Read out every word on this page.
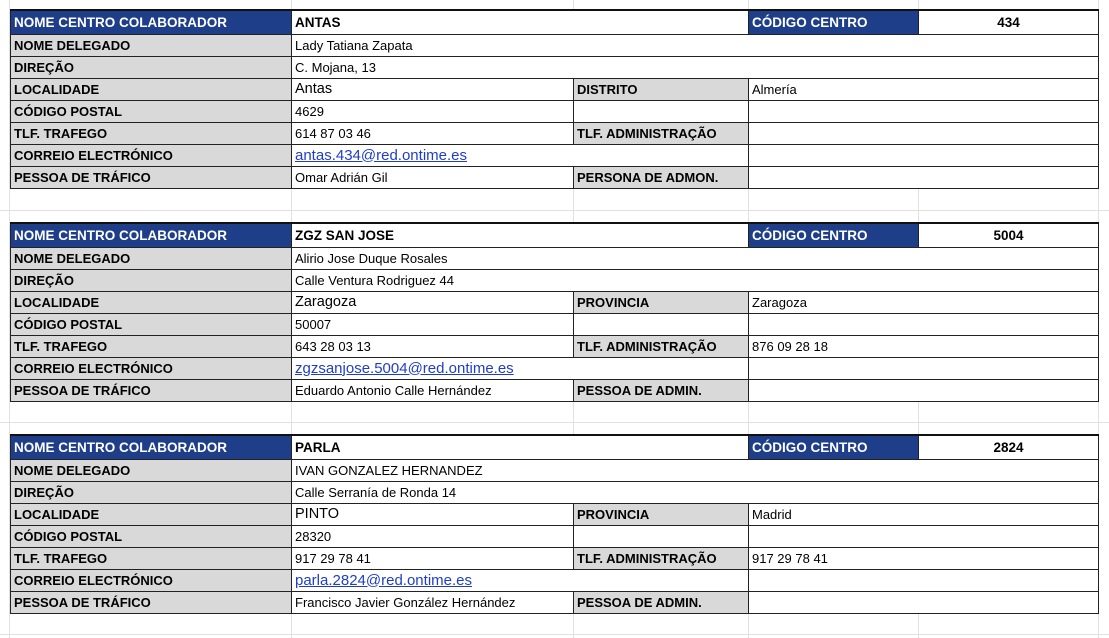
NOME CENTRO COLABORADOR	ANTAS		CÓDIGO CENTRO	434
NOME DELEGADO	Lady Tatiana Zapata			
DIREÇÃO	C. Mojana, 13			
LOCALIDADE	Antas	DISTRITO	Almería	
CÓDIGO POSTAL	4629			
TLF. TRAFEGO	614 87 03 46	TLF. ADMINISTRAÇÃO		
CORREIO ELECTRÓNICO	antas.434@red.ontime.es			
PESSOA DE TRÁFICO	Omar Adrián Gil	PERSONA DE ADMON.		
NOME CENTRO COLABORADOR	ZGZ SAN JOSE		CÓDIGO CENTRO	5004
NOME DELEGADO	Alirio Jose Duque Rosales			
DIREÇÃO	Calle Ventura Rodriguez 44			
LOCALIDADE	Zaragoza	PROVINCIA	Zaragoza	
CÓDIGO POSTAL	50007			
TLF. TRAFEGO	643 28 03 13	TLF. ADMINISTRAÇÃO	876 09 28 18	
CORREIO ELECTRÓNICO	zgzsanjose.5004@red.ontime.es			
PESSOA DE TRÁFICO	Eduardo Antonio Calle Hernández	PESSOA DE ADMIN.		
NOME CENTRO COLABORADOR	PARLA		CÓDIGO CENTRO	2824
NOME DELEGADO	IVAN GONZALEZ HERNANDEZ			
DIREÇÃO	Calle Serranía de Ronda 14			
LOCALIDADE	PINTO	PROVINCIA	Madrid	
CÓDIGO POSTAL	28320			
TLF. TRAFEGO	917 29 78 41	TLF. ADMINISTRAÇÃO	917 29 78 41	
CORREIO ELECTRÓNICO	parla.2824@red.ontime.es			
PESSOA DE TRÁFICO	Francisco Javier González Hernández	PESSOA DE ADMIN.		
